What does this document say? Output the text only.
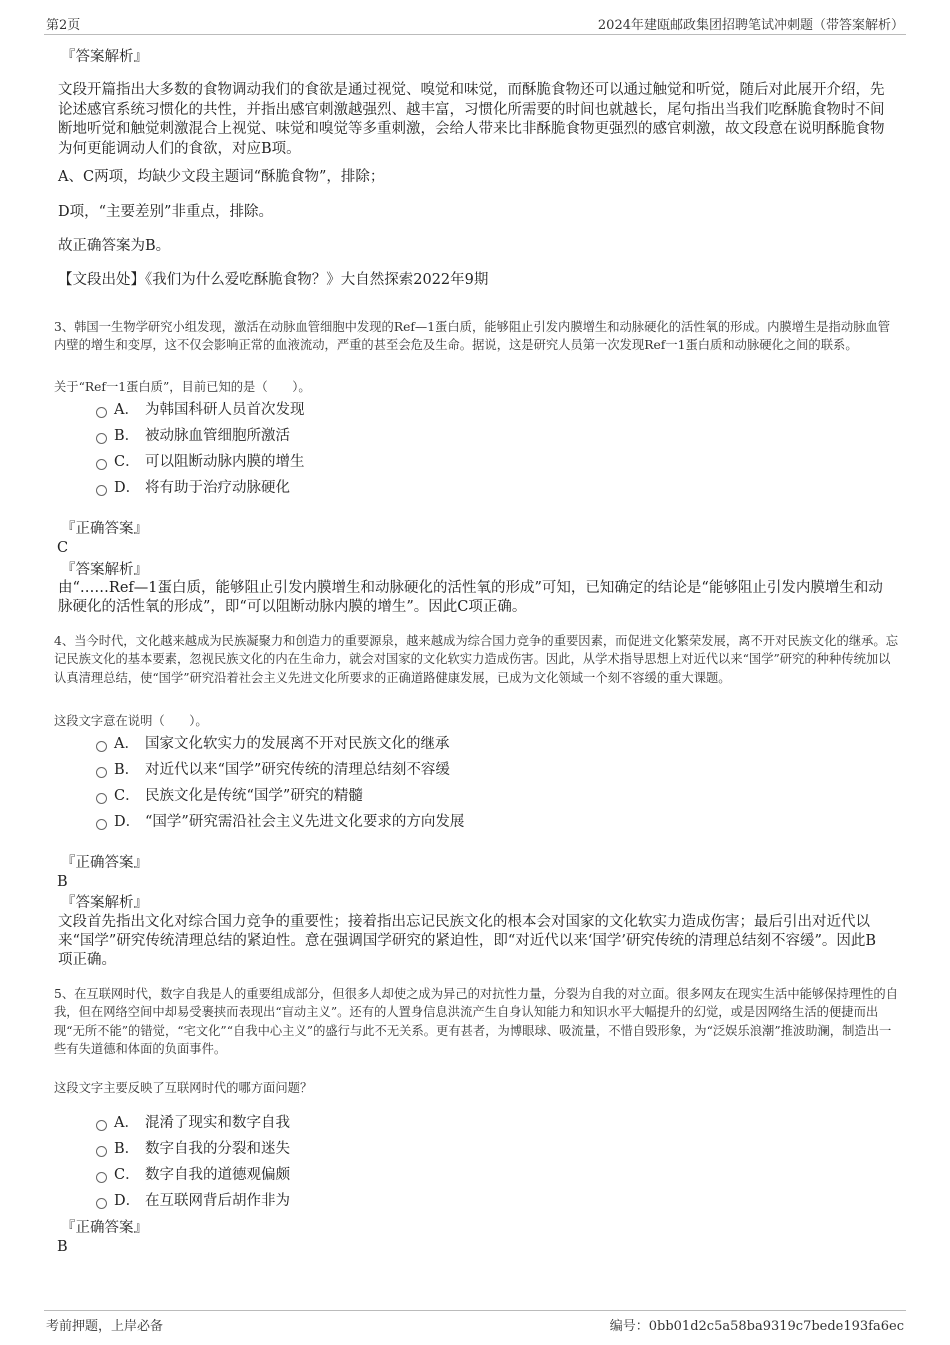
第2页	2024年建瓯邮政集团招聘笔试冲刺题（带答案解析）
『答案解析』
文段开篇指出大多数的食物调动我们的食欲是通过视觉、嗅觉和味觉，而酥脆食物还可以通过触觉和听觉，随后对此展开介绍，先论述感官系统习惯化的共性，并指出感官刺激越强烈、越丰富，习惯化所需要的时间也就越长，尾句指出当我们吃酥脆食物时不间断地听觉和触觉刺激混合上视觉、味觉和嗅觉等多重刺激，会给人带来比非酥脆食物更强烈的感官刺激，故文段意在说明酥脆食物为何更能调动人们的食欲，对应B项。
A、C两项，均缺少文段主题词“酥脆食物”，排除；
D项，“主要差别”非重点，排除。
故正确答案为B。
【文段出处】《我们为什么爱吃酥脆食物？》大自然探索2022年9期
3、韩国一生物学研究小组发现，激活在动脉血管细胞中发现的Ref—1蛋白质，能够阻止引发内膜增生和动脉硬化的活性氧的形成。内膜增生是指动脉血管内壁的增生和变厚，这不仅会影响正常的血液流动，严重的甚至会危及生命。据说，这是研究人员第一次发现Ref一1蛋白质和动脉硬化之间的联系。
关于“Ref一1蛋白质”，目前已知的是（　　）。
A． 为韩国科研人员首次发现
B． 被动脉血管细胞所激活
C． 可以阻断动脉内膜的增生
D． 将有助于治疗动脉硬化
『正确答案』
C
『答案解析』
由“……Ref—1蛋白质，能够阻止引发内膜增生和动脉硬化的活性氧的形成”可知，已知确定的结论是“能够阻止引发内膜增生和动脉硬化的活性氧的形成”，即“可以阻断动脉内膜的增生”。因此C项正确。
4、当今时代，文化越来越成为民族凝聚力和创造力的重要源泉，越来越成为综合国力竞争的重要因素，而促进文化繁荣发展，离不开对民族文化的继承。忘记民族文化的基本要素，忽视民族文化的内在生命力，就会对国家的文化软实力造成伤害。因此，从学术指导思想上对近代以来“国学”研究的种种传统加以认真清理总结，使“国学”研究沿着社会主义先进文化所要求的正确道路健康发展，已成为文化领域一个刻不容缓的重大课题。
这段文字意在说明（　　）。
A． 国家文化软实力的发展离不开对民族文化的继承
B． 对近代以来“国学”研究传统的清理总结刻不容缓
C． 民族文化是传统“国学”研究的精髓
D． “国学”研究需沿社会主义先进文化要求的方向发展
『正确答案』
B
『答案解析』
文段首先指出文化对综合国力竞争的重要性；接着指出忘记民族文化的根本会对国家的文化软实力造成伤害；最后引出对近代以来“国学”研究传统清理总结的紧迫性。意在强调国学研究的紧迫性，即“对近代以来‘国学’研究传统的清理总结刻不容缓”。因此B项正确。
5、在互联网时代，数字自我是人的重要组成部分，但很多人却使之成为异己的对抗性力量，分裂为自我的对立面。很多网友在现实生活中能够保持理性的自我，但在网络空间中却易受裹挟而表现出“盲动主义”。还有的人置身信息洪流产生自身认知能力和知识水平大幅提升的幻觉，或是因网络生活的便捷而出现“无所不能”的错觉，“宅文化”“自我中心主义”的盛行与此不无关系。更有甚者，为博眼球、吸流量，不惜自毁形象，为“泛娱乐浪潮”推波助澜，制造出一些有失道德和体面的负面事件。
这段文字主要反映了互联网时代的哪方面问题？
A． 混淆了现实和数字自我
B． 数字自我的分裂和迷失
C． 数字自我的道德观偏颇
D． 在互联网背后胡作非为
『正确答案』
B
考前押题，上岸必备	编号：0bb01d2c5a58ba9319c7bede193fa6ec
